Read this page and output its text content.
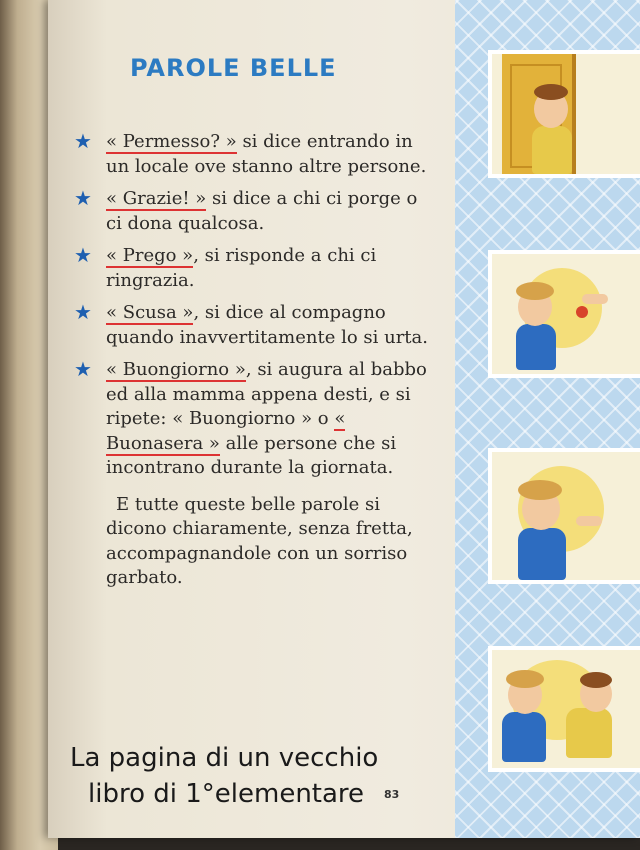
PAROLE BELLE
★ « Permesso? » si dice entrando in un locale ove stanno altre persone.
★ « Grazie! » si dice a chi ci porge o ci dona qualcosa.
★ « Prego », si risponde a chi ci ringrazia.
★ « Scusa », si dice al compagno quando inavvertitamente lo si urta.
★ « Buongiorno », si augura al babbo ed alla mamma appena desti, e si ripete: « Buongiorno » o « Buonasera » alle persone che si incontrano durante la giornata.
E tutte queste belle parole si dicono chiaramente, senza fretta, accompagnandole con un sorriso garbato.
La pagina di un vecchio
libro di 1°elementare	83
